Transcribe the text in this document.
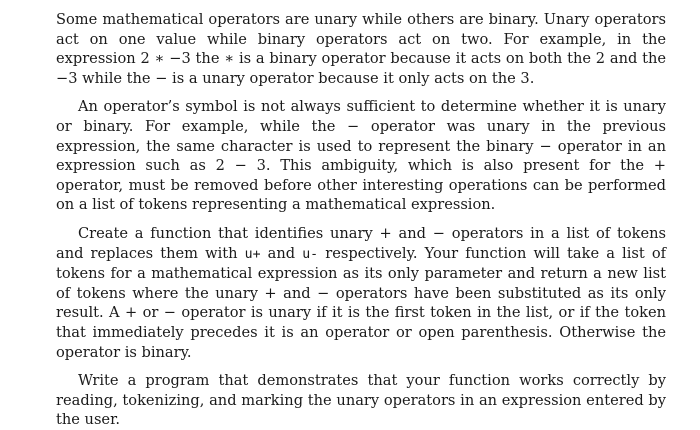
Some mathematical operators are unary while others are binary. Unary operators act on one value while binary operators act on two. For example, in the expression 2 ∗ −3 the ∗ is a binary operator because it acts on both the 2 and the −3 while the − is a unary operator because it only acts on the 3.

An operator’s symbol is not always sufficient to determine whether it is unary or binary. For example, while the − operator was unary in the previous expression, the same character is used to represent the binary − operator in an expression such as 2 − 3. This ambiguity, which is also present for the + operator, must be removed before other interesting operations can be performed on a list of tokens representing a mathematical expression.

Create a function that identifies unary + and − operators in a list of tokens and replaces them with u+ and u- respectively. Your function will take a list of tokens for a mathematical expression as its only parameter and return a new list of tokens where the unary + and − operators have been substituted as its only result. A + or − operator is unary if it is the first token in the list, or if the token that immediately precedes it is an operator or open parenthesis. Otherwise the operator is binary.

Write a program that demonstrates that your function works correctly by reading, tokenizing, and marking the unary operators in an expression entered by the user.
